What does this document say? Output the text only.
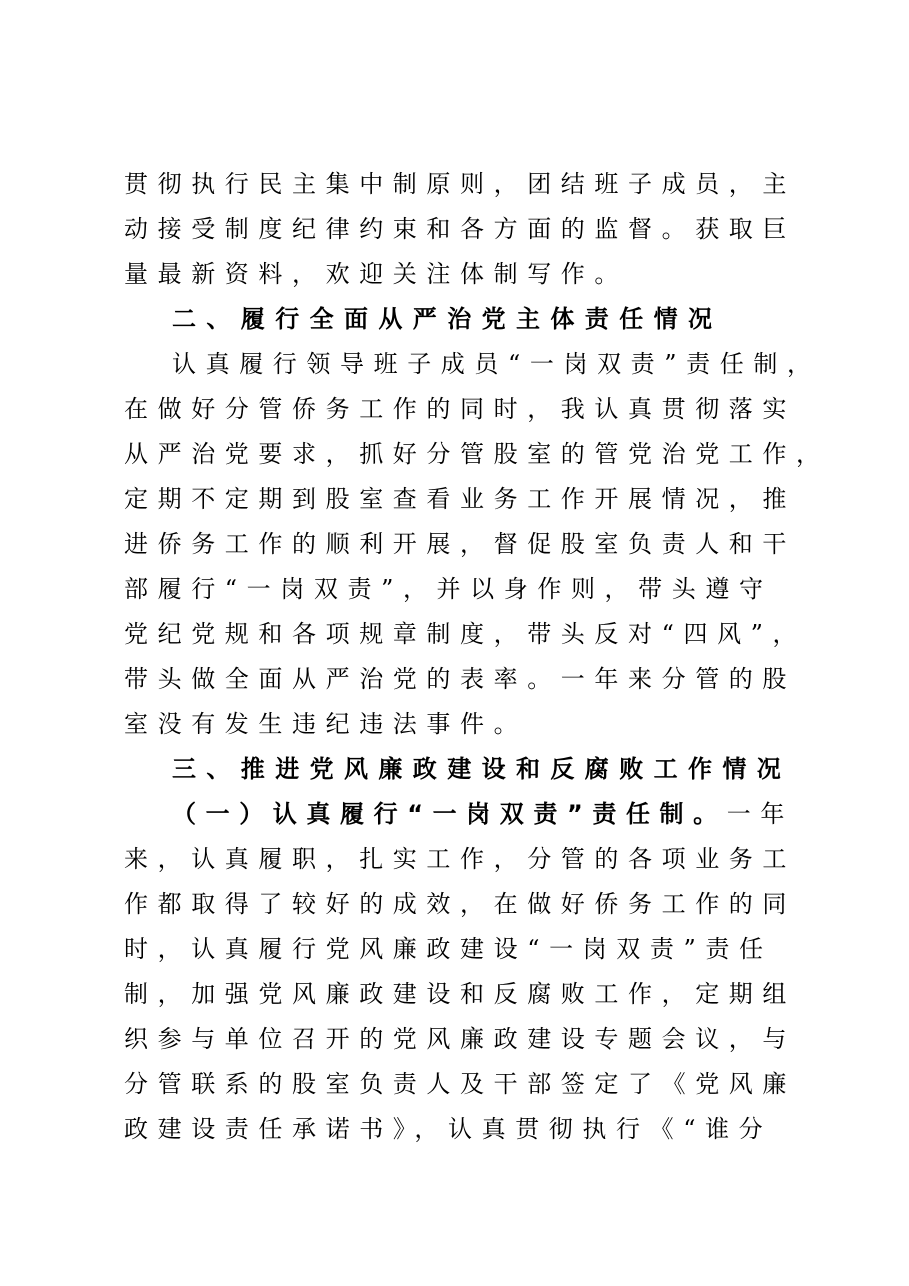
贯彻执行民主集中制原则，团结班子成员，主
动接受制度纪律约束和各方面的监督。获取巨
量最新资料，欢迎关注体制写作。
二、履行全面从严治党主体责任情况
认真履行领导班子成员“一岗双责”责任制，
在做好分管侨务工作的同时，我认真贯彻落实
从严治党要求，抓好分管股室的管党治党工作，
定期不定期到股室查看业务工作开展情况，推
进侨务工作的顺利开展，督促股室负责人和干
部履行“一岗双责”，并以身作则，带头遵守
党纪党规和各项规章制度，带头反对“四风”，
带头做全面从严治党的表率。一年来分管的股
室没有发生违纪违法事件。
三、推进党风廉政建设和反腐败工作情况
（一）认真履行“一岗双责”责任制。一年
来，认真履职，扎实工作，分管的各项业务工
作都取得了较好的成效，在做好侨务工作的同
时，认真履行党风廉政建设“一岗双责”责任
制，加强党风廉政建设和反腐败工作，定期组
织参与单位召开的党风廉政建设专题会议，与
分管联系的股室负责人及干部签定了《党风廉
政建设责任承诺书》，认真贯彻执行《“谁分
